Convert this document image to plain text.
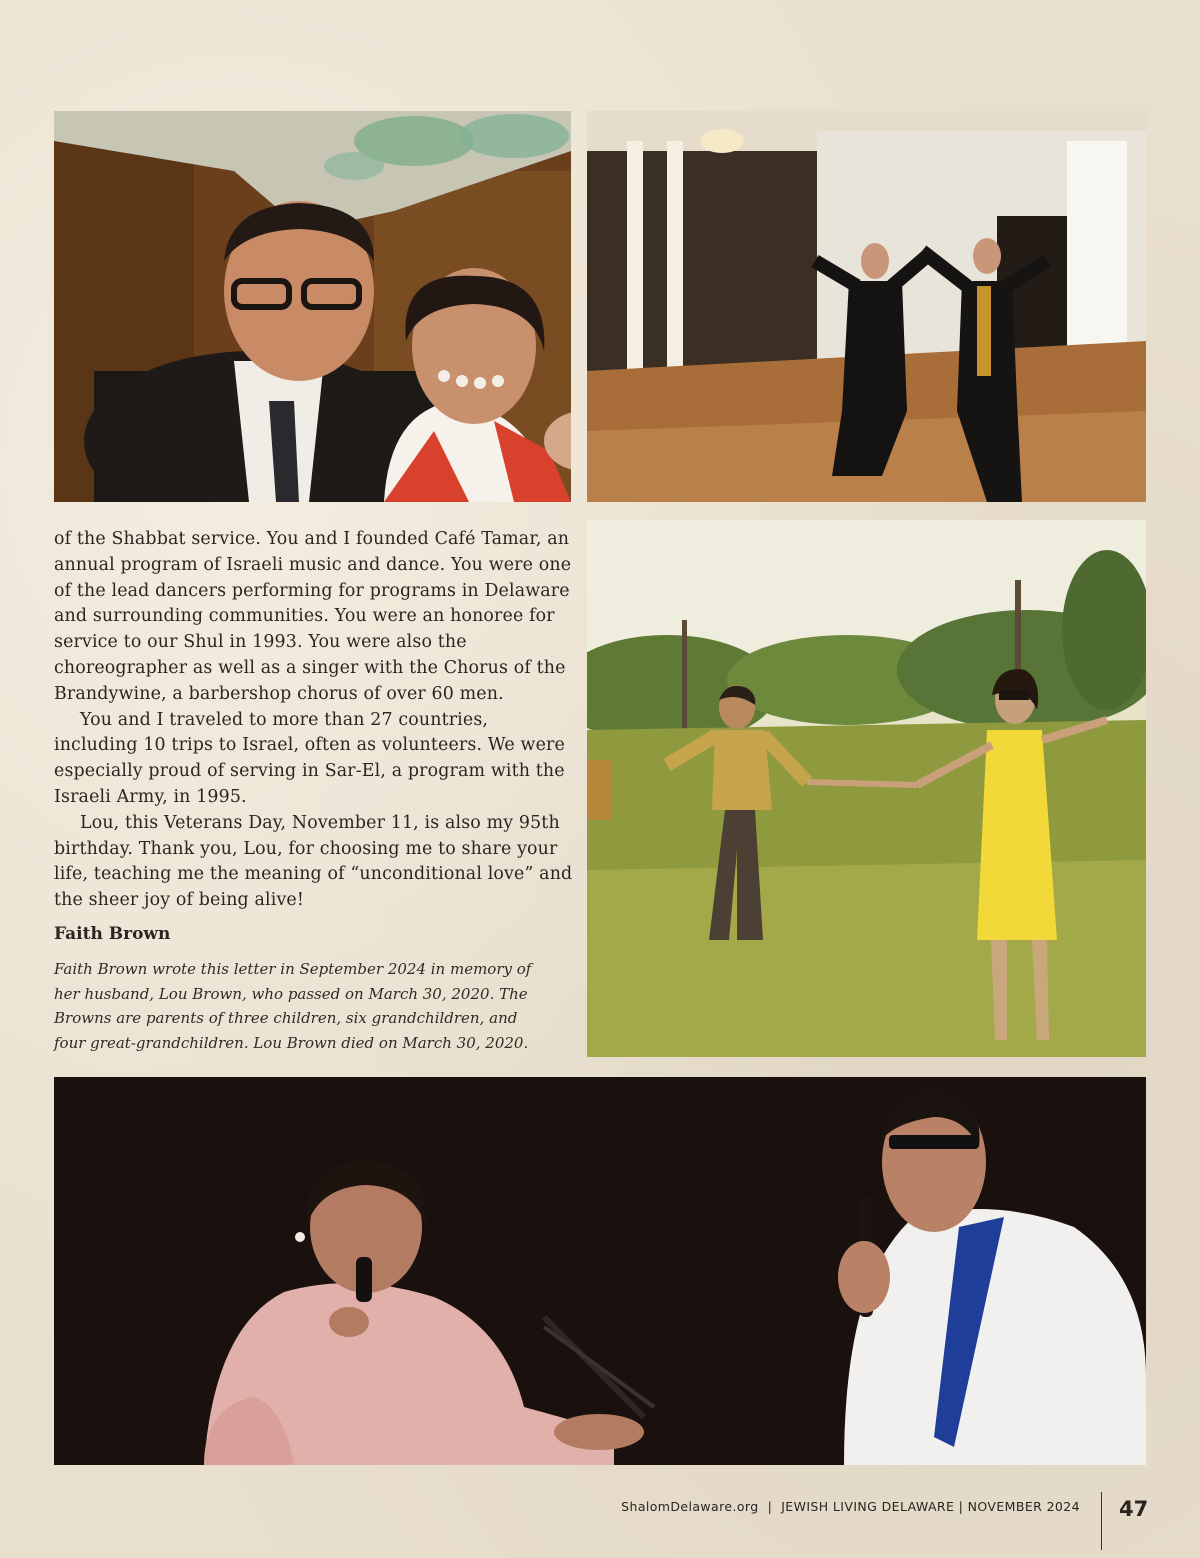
of the Shabbat service. You and I founded Café Tamar, an annual program of Israeli music and dance. You were one of the lead dancers performing for programs in Delaware and surrounding communities. You were an honoree for service to our Shul in 1993. You were also the choreographer as well as a singer with the Chorus of the Brandywine, a barbershop chorus of over 60 men.

You and I traveled to more than 27 countries, including 10 trips to Israel, often as volunteers. We were especially proud of serving in Sar-El, a program with the Israeli Army, in 1995.

Lou, this Veterans Day, November 11, is also my 95th birthday. Thank you, Lou, for choosing me to share your life, teaching me the meaning of “unconditional love” and the sheer joy of being alive!

Faith Brown
Faith Brown wrote this letter in September 2024 in memory of her husband, Lou Brown, who passed on March 30, 2020. The Browns are parents of three children, six grandchildren, and four great-grandchildren. Lou Brown died on March 30, 2020.
ShalomDelaware.org | JEWISH LIVING DELAWARE | NOVEMBER 2024 47
